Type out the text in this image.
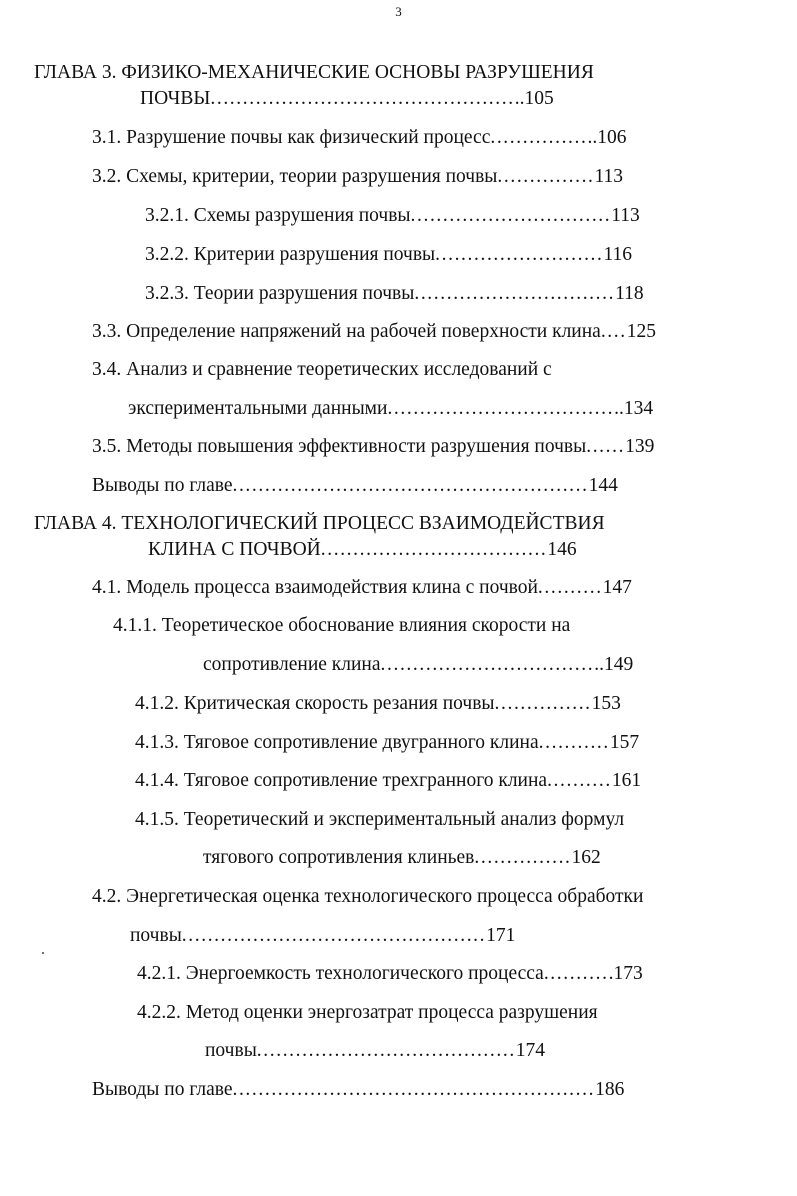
3
ГЛАВА 3. ФИЗИКО-МЕХАНИЧЕСКИЕ ОСНОВЫ РАЗРУШЕНИЯ
ПОЧВЫ.................................................105
3.1. Разрушение почвы как физический процесс.................106
3.2. Схемы, критерии, теории разрушения почвы...............113
3.2.1. Схемы разрушения почвы...............................113
3.2.2. Критерии разрушения почвы..........................116
3.2.3. Теории разрушения почвы...............................118
3.3. Определение напряжений на рабочей поверхности клина....125
3.4. Анализ и сравнение теоретических исследований с
экспериментальными данными.....................................134
3.5. Методы повышения эффективности разрушения почвы......139
Выводы по главе.......................................................144
ГЛАВА 4. ТЕХНОЛОГИЧЕСКИЙ ПРОЦЕСС ВЗАИМОДЕЙСТВИЯ
КЛИНА С ПОЧВОЙ...................................146
4.1. Модель процесса взаимодействия клина с почвой..........147
4.1.1. Теоретическое обоснование влияния скорости на
сопротивление клина...................................149
4.1.2. Критическая скорость резания почвы...............153
4.1.3. Тяговое сопротивление двугранного клина...........157
4.1.4. Тяговое сопротивление трехгранного клина..........161
4.1.5. Теоретический и экспериментальный анализ формул
тягового сопротивления клиньев...............162
4.2. Энергетическая оценка технологического процесса обработки
почвы...............................................171
4.2.1. Энергоемкость технологического процесса...........173
4.2.2. Метод оценки энергозатрат процесса разрушения
почвы........................................174
Выводы по главе........................................................186
